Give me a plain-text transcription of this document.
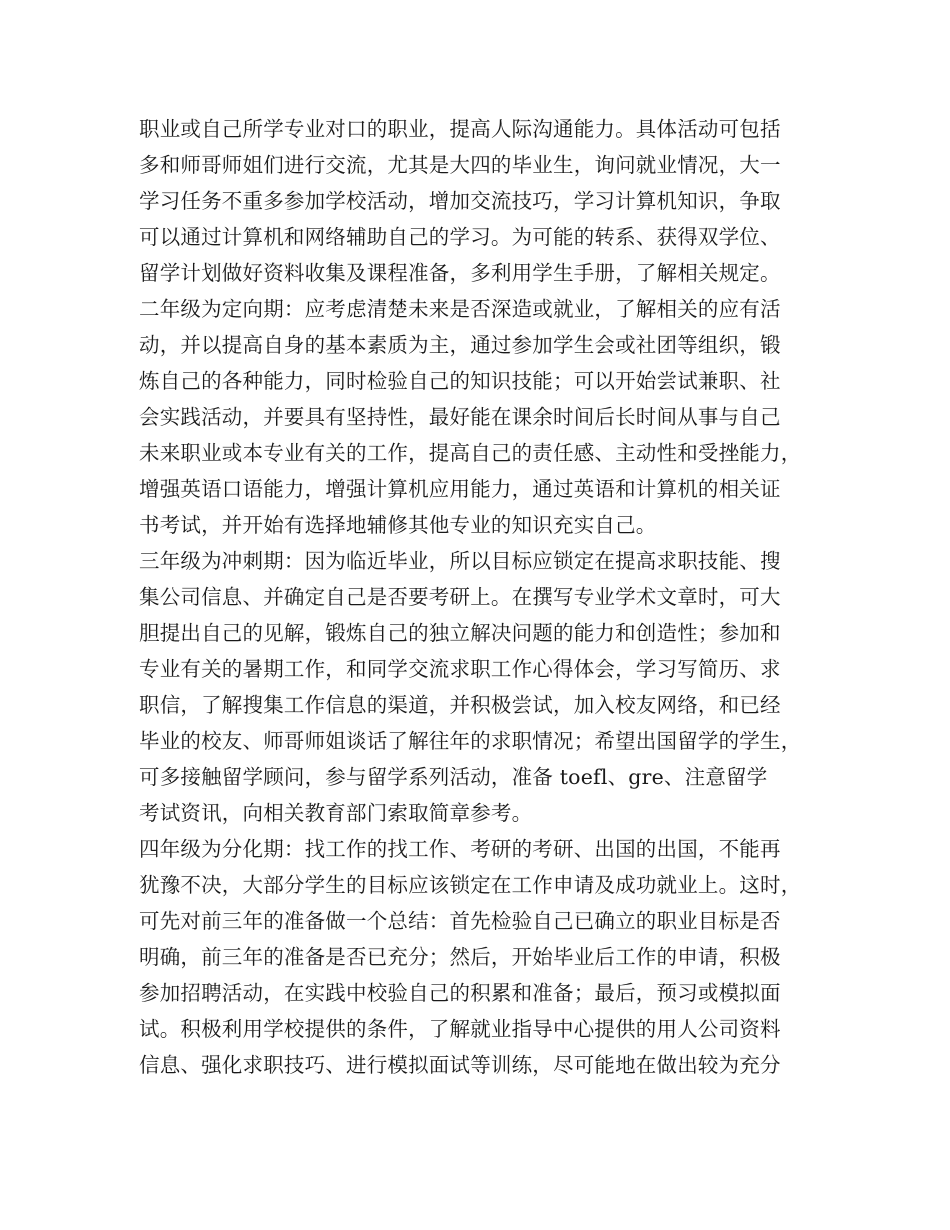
职业或自己所学专业对口的职业，提高人际沟通能力。具体活动可包括
多和师哥师姐们进行交流，尤其是大四的毕业生，询问就业情况，大一
学习任务不重多参加学校活动，增加交流技巧，学习计算机知识，争取
可以通过计算机和网络辅助自己的学习。为可能的转系、获得双学位、
留学计划做好资料收集及课程准备，多利用学生手册，了解相关规定。
二年级为定向期：应考虑清楚未来是否深造或就业，了解相关的应有活
动，并以提高自身的基本素质为主，通过参加学生会或社团等组织，锻
炼自己的各种能力，同时检验自己的知识技能；可以开始尝试兼职、社
会实践活动，并要具有坚持性，最好能在课余时间后长时间从事与自己
未来职业或本专业有关的工作，提高自己的责任感、主动性和受挫能力，
增强英语口语能力，增强计算机应用能力，通过英语和计算机的相关证
书考试，并开始有选择地辅修其他专业的知识充实自己。
三年级为冲刺期：因为临近毕业，所以目标应锁定在提高求职技能、搜
集公司信息、并确定自己是否要考研上。在撰写专业学术文章时，可大
胆提出自己的见解，锻炼自己的独立解决问题的能力和创造性；参加和
专业有关的暑期工作，和同学交流求职工作心得体会，学习写简历、求
职信，了解搜集工作信息的渠道，并积极尝试，加入校友网络，和已经
毕业的校友、师哥师姐谈话了解往年的求职情况；希望出国留学的学生，
可多接触留学顾问，参与留学系列活动，准备 toefl、gre、注意留学
考试资讯，向相关教育部门索取简章参考。
四年级为分化期：找工作的找工作、考研的考研、出国的出国，不能再
犹豫不决，大部分学生的目标应该锁定在工作申请及成功就业上。这时，
可先对前三年的准备做一个总结：首先检验自己已确立的职业目标是否
明确，前三年的准备是否已充分；然后，开始毕业后工作的申请，积极
参加招聘活动，在实践中校验自己的积累和准备；最后，预习或模拟面
试。积极利用学校提供的条件，了解就业指导中心提供的用人公司资料
信息、强化求职技巧、进行模拟面试等训练，尽可能地在做出较为充分
